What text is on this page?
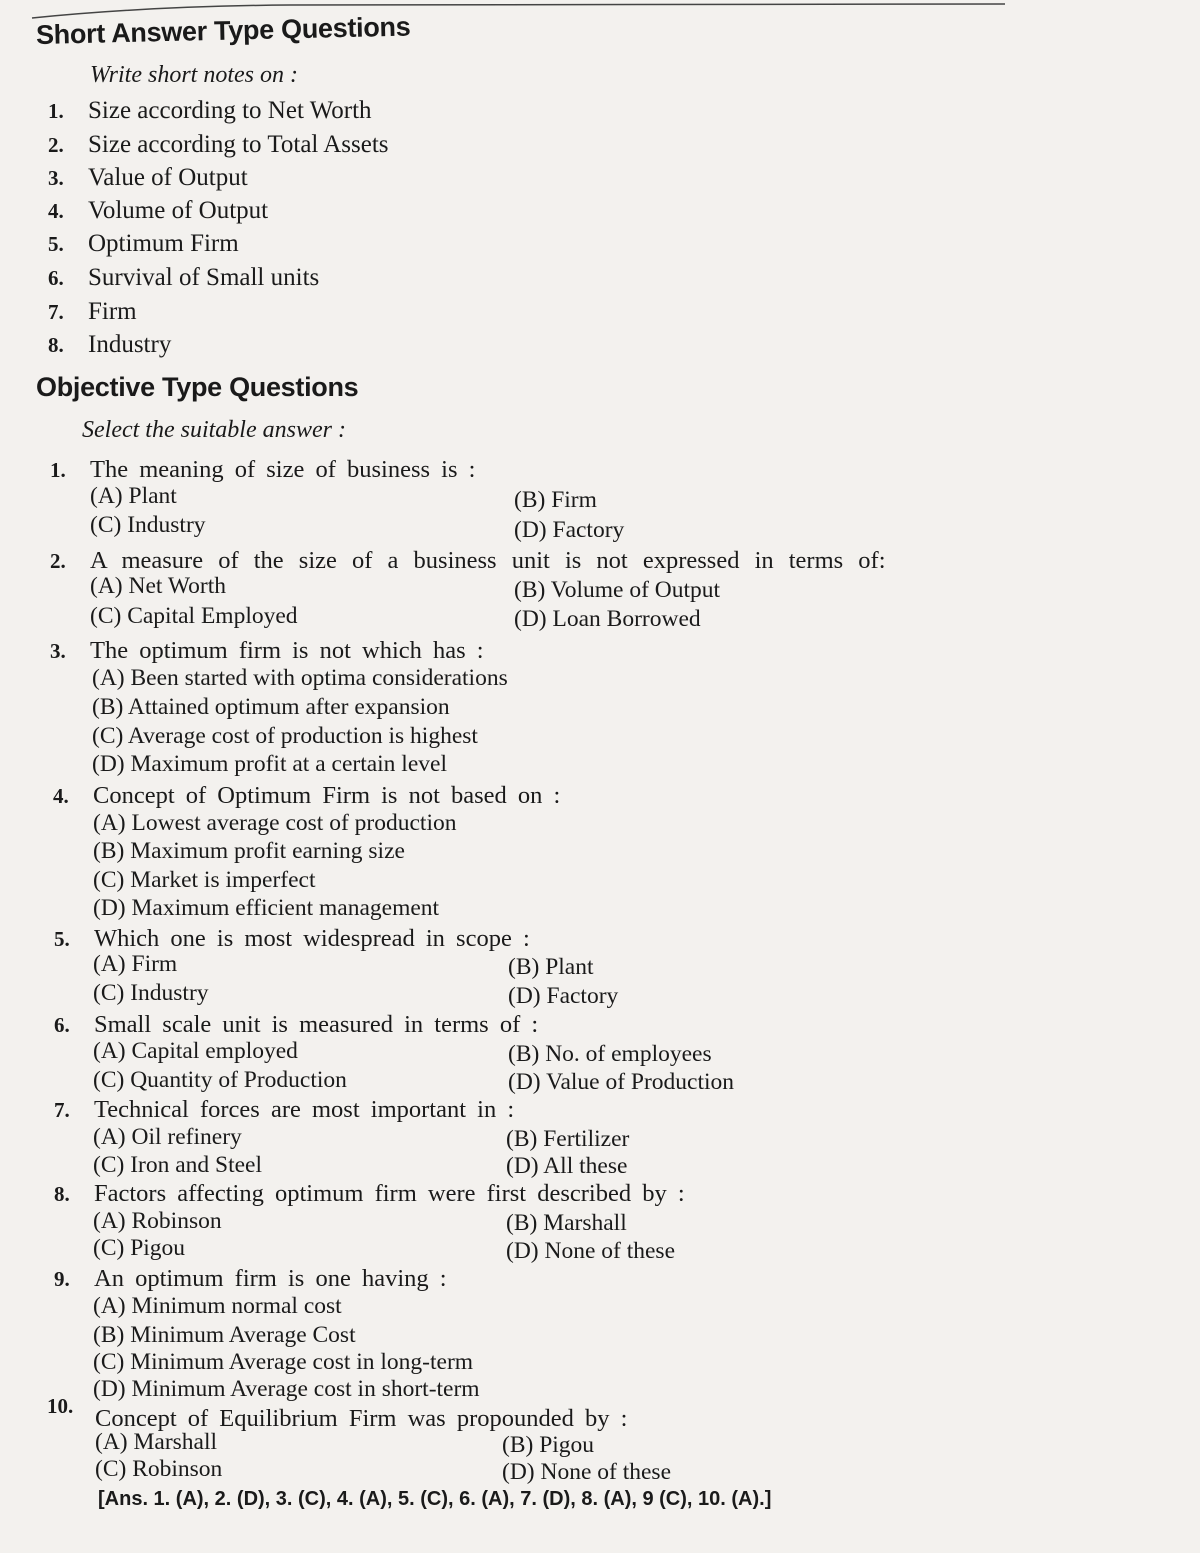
Short Answer Type Questions
Write short notes on :
1. Size according to Net Worth
2. Size according to Total Assets
3. Value of Output
4. Volume of Output
5. Optimum Firm
6. Survival of Small units
7. Firm
8. Industry
Objective Type Questions
Select the suitable answer :
1. The meaning of size of business is :
(A) Plant	(B) Firm
(C) Industry	(D) Factory
2. A measure of the size of a business unit is not expressed in terms of:
(A) Net Worth	(B) Volume of Output
(C) Capital Employed	(D) Loan Borrowed
3. The optimum firm is not which has :
(A) Been started with optima considerations
(B) Attained optimum after expansion
(C) Average cost of production is highest
(D) Maximum profit at a certain level
4. Concept of Optimum Firm is not based on :
(A) Lowest average cost of production
(B) Maximum profit earning size
(C) Market is imperfect
(D) Maximum efficient management
5. Which one is most widespread in scope :
(A) Firm	(B) Plant
(C) Industry	(D) Factory
6. Small scale unit is measured in terms of :
(A) Capital employed	(B) No. of employees
(C) Quantity of Production	(D) Value of Production
7. Technical forces are most important in :
(A) Oil refinery	(B) Fertilizer
(C) Iron and Steel	(D) All these
8. Factors affecting optimum firm were first described by :
(A) Robinson	(B) Marshall
(C) Pigou	(D) None of these
9. An optimum firm is one having :
(A) Minimum normal cost
(B) Minimum Average Cost
(C) Minimum Average cost in long-term
(D) Minimum Average cost in short-term
10. Concept of Equilibrium Firm was propounded by :
(A) Marshall	(B) Pigou
(C) Robinson	(D) None of these
[Ans. 1. (A), 2. (D), 3. (C), 4. (A), 5. (C), 6. (A), 7. (D), 8. (A), 9 (C), 10. (A).]
